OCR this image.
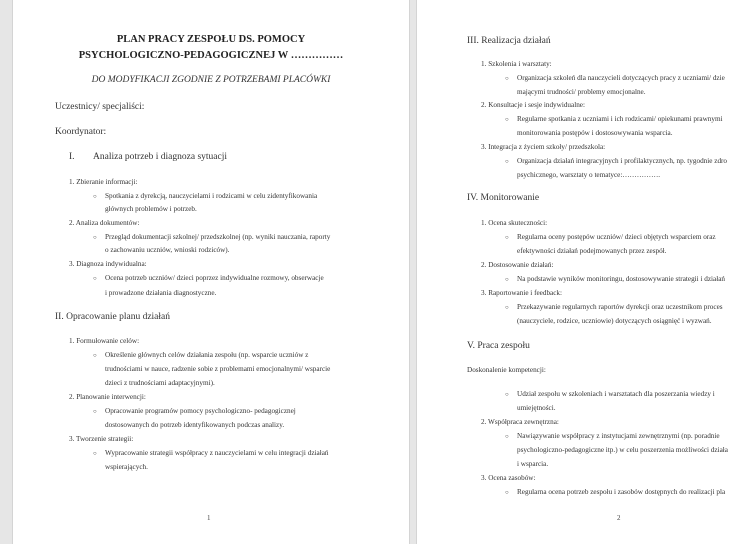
PLAN PRACY ZESPOŁU DS. POMOCY
PSYCHOLOGICZNO-PEDAGOGICZNEJ W ……………
DO MODYFIKACJI ZGODNIE Z POTRZEBAMI PLACÓWKI
Uczestnicy/ specjaliści:
Koordynator:
I. Analiza potrzeb i diagnoza sytuacji
1. Zbieranie informacji:
○ Spotkania z dyrekcją, nauczycielami i rodzicami w celu zidentyfikowania
głównych problemów i potrzeb.
2. Analiza dokumentów:
○ Przegląd dokumentacji szkolnej/ przedszkolnej (np. wyniki nauczania, raporty
o zachowaniu uczniów, wnioski rodziców).
3. Diagnoza indywidualna:
○ Ocena potrzeb uczniów/ dzieci poprzez indywidualne rozmowy, obserwacje
i prowadzone działania diagnostyczne.
II. Opracowanie planu działań
1. Formułowanie celów:
○ Określenie głównych celów działania zespołu (np. wsparcie uczniów z
trudnościami w nauce, radzenie sobie z problemami emocjonalnymi/ wsparcie
dzieci z trudnościami adaptacyjnymi).
2. Planowanie interwencji:
○ Opracowanie programów pomocy psychologiczno- pedagogicznej
dostosowanych do potrzeb identyfikowanych podczas analizy.
3. Tworzenie strategii:
○ Wypracowanie strategii współpracy z nauczycielami w celu integracji działań
wspierających.
1
III. Realizacja działań
1. Szkolenia i warsztaty:
○ Organizacja szkoleń dla nauczycieli dotyczących pracy z uczniami/ dzie
mającymi trudności/ problemy emocjonalne.
2. Konsultacje i sesje indywidualne:
○ Regularne spotkania z uczniami i ich rodzicami/ opiekunami prawnymi
monitorowania postępów i dostosowywania wsparcia.
3. Integracja z życiem szkoły/ przedszkola:
○ Organizacja działań integracyjnych i profilaktycznych, np. tygodnie zdro
psychicznego, warsztaty o tematyce:…………….
IV. Monitorowanie
1. Ocena skuteczności:
○ Regularna oceny postępów uczniów/ dzieci objętych wsparciem oraz
efektywności działań podejmowanych przez zespół.
2. Dostosowanie działań:
○ Na podstawie wyników monitoringu, dostosowywanie strategii i działań
3. Raportowanie i feedback:
○ Przekazywanie regularnych raportów dyrekcji oraz uczestnikom proces
(nauczyciele, rodzice, uczniowie) dotyczących osiągnięć i wyzwań.
V. Praca zespołu
Doskonalenie kompetencji:
○ Udział zespołu w szkoleniach i warsztatach dla poszerzania wiedzy i
umiejętności.
2. Współpraca zewnętrzna:
○ Nawiązywanie współpracy z instytucjami zewnętrznymi (np. poradnie
psychologiczno-pedagogiczne itp.) w celu poszerzenia możliwości działa
i wsparcia.
3. Ocena zasobów:
○ Regularna ocena potrzeb zespołu i zasobów dostępnych do realizacji pla
2
